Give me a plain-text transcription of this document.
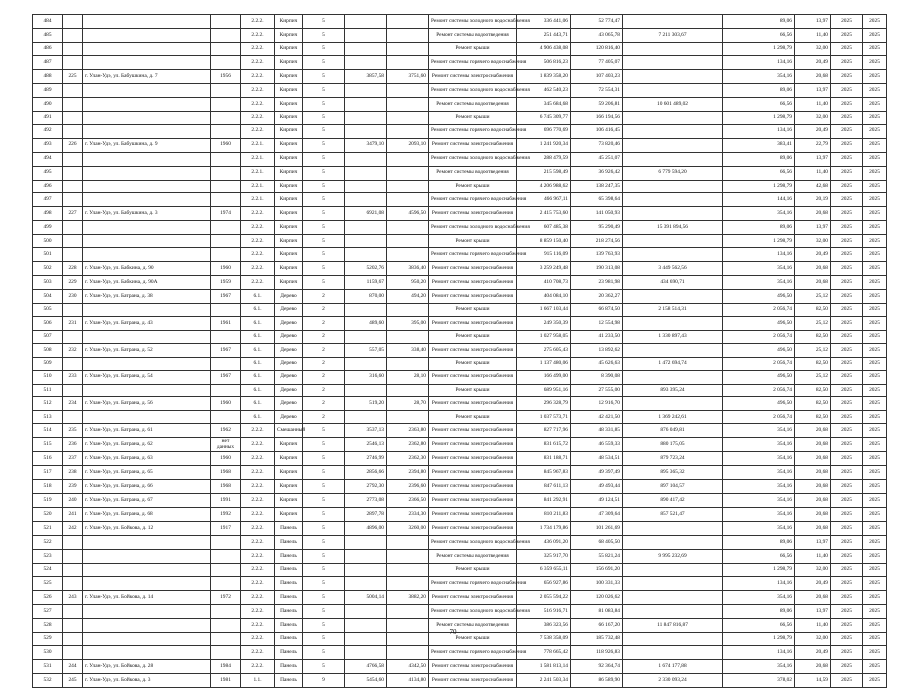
484				2.2.2.	Кирпич	5			Ремонт системы холодного водоснабжения	336 441,06	52 774,47		89,06	13,97	2025	2025
485				2.2.2.	Кирпич	5			Ремонт системы водоотведения	251 443,71	43 065,78	7 211 303,67	66,56	11,40	2025	2025
486				2.2.2.	Кирпич	5			Ремонт крыши	4 906 438,08	120 816,40		1 298,79	32,00	2025	2025
487				2.2.2.	Кирпич	5			Ремонт системы горячего водоснабжения	506 816,23	77 405,07		134,16	20,49	2025	2025
488	225	г. Улан-Удэ, ул. Бабушкина, д. 7	1956	2.2.2.	Кирпич	5	3857,58	3751,60	Ремонт системы электроснабжения	1 839 358,20	107 403,23		354,16	20,68	2025	2025
489				2.2.2.	Кирпич	5			Ремонт системы холодного водоснабжения	462 540,23	72 554,31		89,06	13,97	2025	2025
490				2.2.2.	Кирпич	5			Ремонт системы водоотведения	345 684,68	59 206,81	10 601 489,02	66,56	11,40	2025	2025
491				2.2.2.	Кирпич	5			Ремонт крыши	6 745 309,77	166 194,56		1 298,79	32,00	2025	2025
492				2.2.2.	Кирпич	5			Ремонт системы горячего водоснабжения	696 770,69	106 416,45		134,16	20,49	2025	2025
493	226	г. Улан-Удэ, ул. Бабушкина, д. 9	1960	2.2.1.	Кирпич	5	3479,10	2093,10	Ремонт системы электроснабжения	1 241 920,34	73 820,46		383,41	22,79	2025	2025
494				2.2.1.	Кирпич	5			Ремонт системы холодного водоснабжения	288 479,59	45 251,07		89,06	13,97	2025	2025
495				2.2.1.	Кирпич	5			Ремонт системы водоотведения	215 598,49	36 926,42	6 779 594,20	66,56	11,40	2025	2025
496				2.2.1.	Кирпич	5			Ремонт крыши	4 206 988,62	138 247,35		1 298,79	42,68	2025	2025
497				2.2.1.	Кирпич	5			Ремонт системы горячего водоснабжения	466 967,11	65 398,64		144,16	20,19	2025	2025
498	227	г. Улан-Удэ, ул. Бабушкина, д. 3	1974	2.2.2.	Кирпич	5	6921,08	4596,50	Ремонт системы электроснабжения	2 415 753,60	141 050,93		354,16	20,68	2025	2025
499				2.2.2.	Кирпич	5			Ремонт системы холодного водоснабжения	607 485,38	95 290,49	15 391 894,56	89,06	13,97	2025	2025
500				2.2.2.	Кирпич	5			Ремонт крыши	8 859 150,40	218 274,56		1 298,79	32,00	2025	2025
501				2.2.2.	Кирпич	5			Ремонт системы горячего водоснабжения	915 116,09	139 763,93		134,16	20,49	2025	2025
502	228	г. Улан-Удэ, ул. Бабкина, д. 90	1960	2.2.2.	Кирпич	5	5202,76	3836,40	Ремонт системы электроснабжения	3 259 249,48	190 313,08	3 449 562,56	354,16	20,68	2025	2025
503	229	г. Улан-Удэ, ул. Бабкина, д. 90А	1959	2.2.2.	Кирпич	5	1159,67	950,20	Ремонт системы электроснабжения	410 708,73	23 981,98	434 690,71	354,16	20,68	2025	2025
504	230	г. Улан-Удэ, ул. Батрана, д. 38	1967	6.1.	Дерево	2	870,00	494,20	Ремонт системы электроснабжения	404 084,10	20 362,27		496,50	25,12	2025	2025
505				6.1.	Дерево	2			Ремонт крыши	1 667 103,44	66 874,50	2 158 514,31	2 056,74	82,50	2025	2025
506	231	г. Улан-Удэ, ул. Батрана, д. 43	1961	6.1.	Дерево	2	489,60	395,00	Ремонт системы электроснабжения	249 350,39	12 554,98		496,50	25,12	2025	2025
507				6.1.	Дерево	2			Ремонт крыши	1 027 958,05	41 233,50	1 330 897,43	2 056,74	82,50	2025	2025
508	232	г. Улан-Удэ, ул. Батрана, д. 52	1967	6.1.	Дерево	2	557,05	338,40	Ремонт системы электроснабжения	275 605,43	13 892,62		496,50	25,12	2025	2025
509				6.1.	Дерево	2			Ремонт крыши	1 137 480,06	45 626,63	1 472 694,74	2 056,74	82,50	2025	2025
510	233	г. Улан-Удэ, ул. Батрана, д. 54	1967	6.1.	Дерево	2	316,60	28,10	Ремонт системы электроснабжения	166 499,00	8 390,08		496,50	25,12	2025	2025
511				6.1.	Дерево	2			Ремонт крыши	689 951,16	27 555,00	893 395,24	2 056,74	82,50	2025	2025
512	234	г. Улан-Удэ, ул. Батрана, д. 56	1960	6.1.	Дерево	2	519,20	28,70	Ремонт системы электроснабжения	296 328,79	12 916,70		496,50	82,50	2025	2025
513				6.1.	Дерево	2			Ремонт крыши	1 037 573,71	42 421,50	1 369 242,61	2 056,74	82,50	2025	2025
514	235	г. Улан-Удэ, ул. Батрана, д. 61	1962	2.2.2.	Смешанный	5	3537,13	2363,80	Ремонт системы электроснабжения	827 717,96	48 331,85	876 049,81	354,16	20,68	2025	2025
515	236	г. Улан-Удэ, ул. Батрана, д. 62	нет данных	2.2.2.	Кирпич	5	2546,13	2362,80	Ремонт системы электроснабжения	831 615,72	46 559,33	880 175,05	354,16	20,68	2025	2025
516	237	г. Улан-Удэ, ул. Батрана, д. 63	1960	2.2.2.	Кирпич	5	2746,99	2362,30	Ремонт системы электроснабжения	831 188,71	48 534,51	879 723,24	354,16	20,68	2025	2025
517	238	г. Улан-Удэ, ул. Батрана, д. 65	1968	2.2.2.	Кирпич	5	2856,66	2394,80	Ремонт системы электроснабжения	845 967,83	49 397,49	895 365,32	354,16	20,68	2025	2025
518	239	г. Улан-Удэ, ул. Батрана, д. 66	1968	2.2.2.	Кирпич	5	2792,30	2396,60	Ремонт системы электроснабжения	847 611,13	49 493,44	897 104,57	354,16	20,68	2025	2025
519	240	г. Улан-Удэ, ул. Батрана, д. 67	1991	2.2.2.	Кирпич	5	2773,08	2366,50	Ремонт системы электроснабжения	841 292,91	49 124,51	890 417,42	354,16	20,68	2025	2025
520	241	г. Улан-Удэ, ул. Батрана, д. 68	1992	2.2.2.	Кирпич	5	2897,78	2334,30	Ремонт системы электроснабжения	810 211,83	47 309,64	857 521,47	354,16	20,68	2025	2025
521	242	г. Улан-Удэ, ул. Бойкова, д. 12	1917	2.2.2.	Панель	5	4896,00	3260,00	Ремонт системы электроснабжения	1 734 179,86	101 261,69		354,16	20,68	2025	2025
522				2.2.2.	Панель	5			Ремонт системы холодного водоснабжения	436 091,20	68 405,50		89,06	13,97	2025	2025
523				2.2.2.	Панель	5			Ремонт системы водоотведения	325 917,70	55 821,24	9 995 232,69	66,56	11,40	2025	2025
524				2.2.2.	Панель	5			Ремонт крыши	6 359 655,11	156 691,20		1 298,79	32,00	2025	2025
525				2.2.2.	Панель	5			Ремонт системы горячего водоснабжения	656 927,86	100 331,33		134,16	20,49	2025	2025
526	243	г. Улан-Удэ, ул. Бойкова, д. 14	1972	2.2.2.	Панель	5	5004,14	3882,20	Ремонт системы электроснабжения	2 055 594,22	120 026,62		354,16	20,68	2025	2025
527				2.2.2.	Панель	5			Ремонт системы холодного водоснабжения	516 916,71	81 083,84		89,06	13,97	2025	2025
528				2.2.2.	Панель	5			Ремонт системы водоотведения	386 323,56	66 167,20	11 847 816,87	66,56	11,40	2025	2025
529				2.2.2.	Панель	5			Ремонт крыши	7 538 358,09	185 732,48		1 298,79	32,00	2025	2025
530				2.2.2.	Панель	5			Ремонт системы горячего водоснабжения	778 665,42	118 926,83		134,16	20,49	2025	2025
531	244	г. Улан-Удэ, ул. Бойкова, д. 28	1984	2.2.2.	Панель	5	4766,58	4342,50	Ремонт системы электроснабжения	1 581 813,14	92 364,74	1 674 177,88	354,16	20,68	2025	2025
532	245	г. Улан-Удэ, ул. Бойкова, д. 3	1981	1.1.	Панель	9	5454,60	4134,80	Ремонт системы электроснабжения	2 241 503,34	86 589,90	2 330 093,24	378,02	14,59	2025	2025
70
